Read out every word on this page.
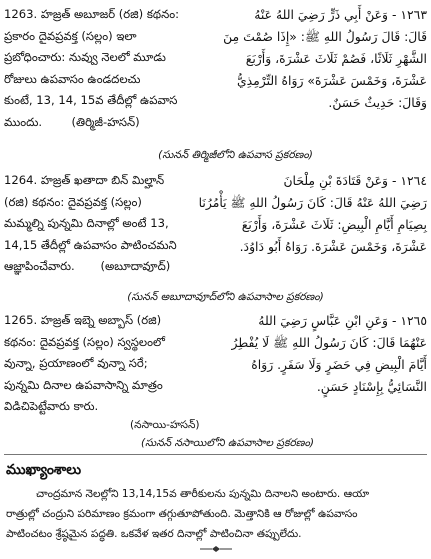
1263. హజ్రత్ అబూజర్ (రజి) కథనం:
ప్రకారం దైవప్రవక్త (సల్లం) ఇలా
ప్రబోధించారు: నువ్వు నెలలో మూడు
రోజులు ఉపవాసం ఉండదలచు
కుంటే, 13, 14, 15వ తేదీల్లో ఉపవాస
ముందు.        (తిర్మిజీ-హసన్)
١٢٦٣ - وَعَنْ أَبِي ذَرٍّ رَضِيَ اللهُ عَنْهُ
قَالَ: قَالَ رَسُولُ اللهِ ﷺ: «إِذَا صُمْتَ مِنَ
الشَّهْرِ ثَلَاثًا، فَصُمْ ثَلَاثَ عَشْرَةَ، وَأَرْبَعَ
عَشْرَةَ، وَخَمْسَ عَشْرَةَ» رَوَاهُ التِّرْمِذِيُّ
وَقَالَ: حَدِيثٌ حَسَنٌ.
(సునన్ తిర్మిజీలోని ఉపవాస ప్రకరణం)
1264. హజ్రత్ ఖతాదా బిన్ మిల్హాన్
(రజి) కథనం: దైవప్రవక్త (సల్లం)
మమ్మల్ని పున్నమి దినాల్లో అంటే 13,
14,15 తేదీల్లో ఉపవాసం పాటించమని
ఆజ్ఞాపించేవారు.       (అబూదావూద్)
١٢٦٤ - وَعَنْ قَتَادَةَ بْنِ مِلْحَانَ
رَضِيَ اللهُ عَنْهُ قَالَ: كَانَ رَسُولُ اللهِ ﷺ يَأْمُرُنَا
بِصِيَامِ أَيَّامِ الْبِيضِ: ثَلَاثَ عَشْرَةَ، وَأَرْبَعَ
عَشْرَةَ، وَخَمْسَ عَشْرَةَ. رَوَاهُ أَبُو دَاوُدَ.
(సునన్ అబూదావూద్‌లోని ఉపవాసాల ప్రకరణం)
1265. హజ్రత్ ఇబ్నె అబ్బాస్ (రజి)
కథనం: దైవప్రవక్త (సల్లం) స్వస్థలంలో
వున్నా, ప్రయాణంలో వున్నా సరే;
పున్నమి దినాల ఉపవాసాన్ని మాత్రం
విడిచిపెట్టేవారు కారు.
١٢٦٥ - وَعَنِ ابْنِ عَبَّاسٍ رَضِيَ اللهُ
عَنْهُمَا قَالَ: كَانَ رَسُولُ اللهِ ﷺ لَا يُفْطِرُ
أَيَّامَ الْبِيضِ فِي حَضَرٍ وَلَا سَفَرٍ. رَوَاهُ
النَّسَائِيُّ بِإِسْنَادٍ حَسَنٍ.
(నసాయి-హసన్)
(సునన్ నసాయిలోని ఉపవాసాల ప్రకరణం)
ముఖ్యాంశాలు
చాంద్రమాన నెలల్లోని 13,14,15వ తారీకులను పున్నమి దినాలని అంటారు. ఆయా
రాత్రుల్లో చంద్రుని పరిమాణం క్రమంగా తగ్గుతూపోతుంది. మెత్తానికి ఆ రోజుల్లో ఉపవాసం
పాటించటం శ్రేష్ఠమైన పద్ధతి. ఒకవేళ ఇతర దినాల్లో పాటించినా తప్పులేదు.
